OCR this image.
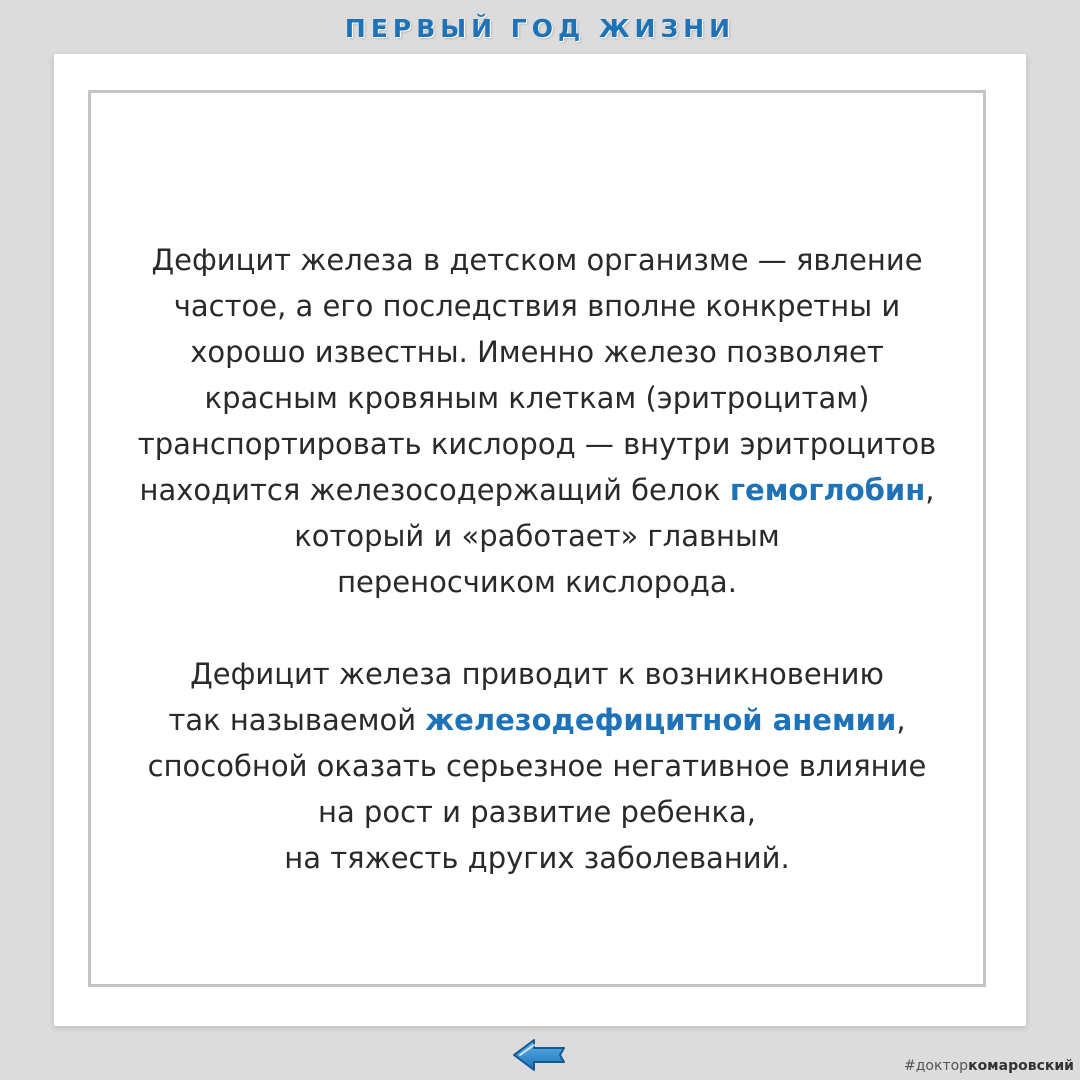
ПЕРВЫЙ ГОД ЖИЗНИ

Дефицит железа в детском организме — явление
частое, а его последствия вполне конкретны и
хорошо известны. Именно железо позволяет
красным кровяным клеткам (эритроцитам)
транспортировать кислород — внутри эритроцитов
находится железосодержащий белок гемоглобин,
который и «работает» главным
переносчиком кислорода.

Дефицит железа приводит к возникновению
так называемой железодефицитной анемии,
способной оказать серьезное негативное влияние
на рост и развитие ребенка,
на тяжесть других заболеваний.

#докторкомаровский
